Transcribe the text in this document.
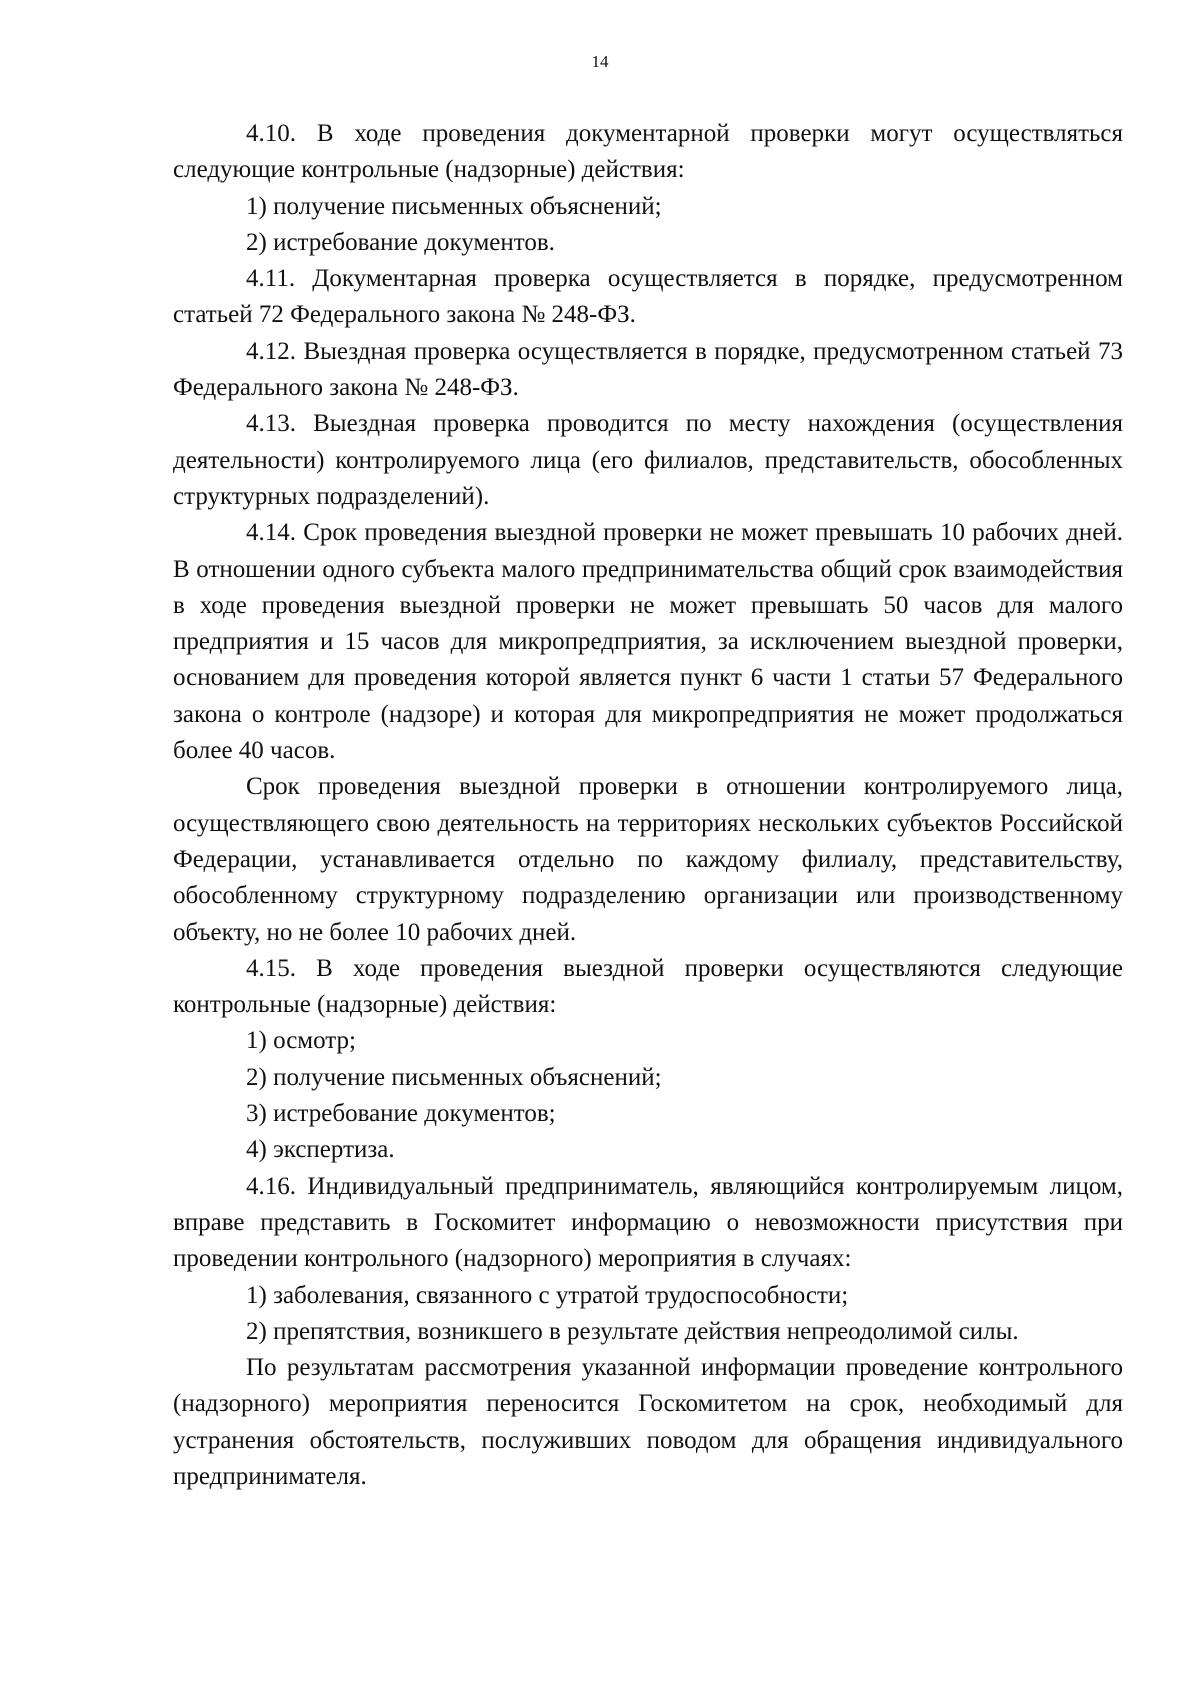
14

4.10. В ходе проведения документарной проверки могут осуществляться следующие контрольные (надзорные) действия:

1) получение письменных объяснений;

2) истребование документов.

4.11. Документарная проверка осуществляется в порядке, предусмотренном статьей 72 Федерального закона № 248-ФЗ.

4.12. Выездная проверка осуществляется в порядке, предусмотренном статьей 73 Федерального закона № 248-ФЗ.

4.13. Выездная проверка проводится по месту нахождения (осуществления деятельности) контролируемого лица (его филиалов, представительств, обособленных структурных подразделений).

4.14. Срок проведения выездной проверки не может превышать 10 рабочих дней. В отношении одного субъекта малого предпринимательства общий срок взаимодействия в ходе проведения выездной проверки не может превышать 50 часов для малого предприятия и 15 часов для микропредприятия, за исключением выездной проверки, основанием для проведения которой является пункт 6 части 1 статьи 57 Федерального закона о контроле (надзоре) и которая для микропредприятия не может продолжаться более 40 часов.

Срок проведения выездной проверки в отношении контролируемого лица, осуществляющего свою деятельность на территориях нескольких субъектов Российской Федерации, устанавливается отдельно по каждому филиалу, представительству, обособленному структурному подразделению организации или производственному объекту, но не более 10 рабочих дней.

4.15. В ходе проведения выездной проверки осуществляются следующие контрольные (надзорные) действия:

1) осмотр;

2) получение письменных объяснений;

3) истребование документов;

4) экспертиза.

4.16. Индивидуальный предприниматель, являющийся контролируемым лицом, вправе представить в Госкомитет информацию о невозможности присутствия при проведении контрольного (надзорного) мероприятия в случаях:

1) заболевания, связанного с утратой трудоспособности;

2) препятствия, возникшего в результате действия непреодолимой силы.

По результатам рассмотрения указанной информации проведение контрольного (надзорного) мероприятия переносится Госкомитетом на срок, необходимый для устранения обстоятельств, послуживших поводом для обращения индивидуального предпринимателя.
